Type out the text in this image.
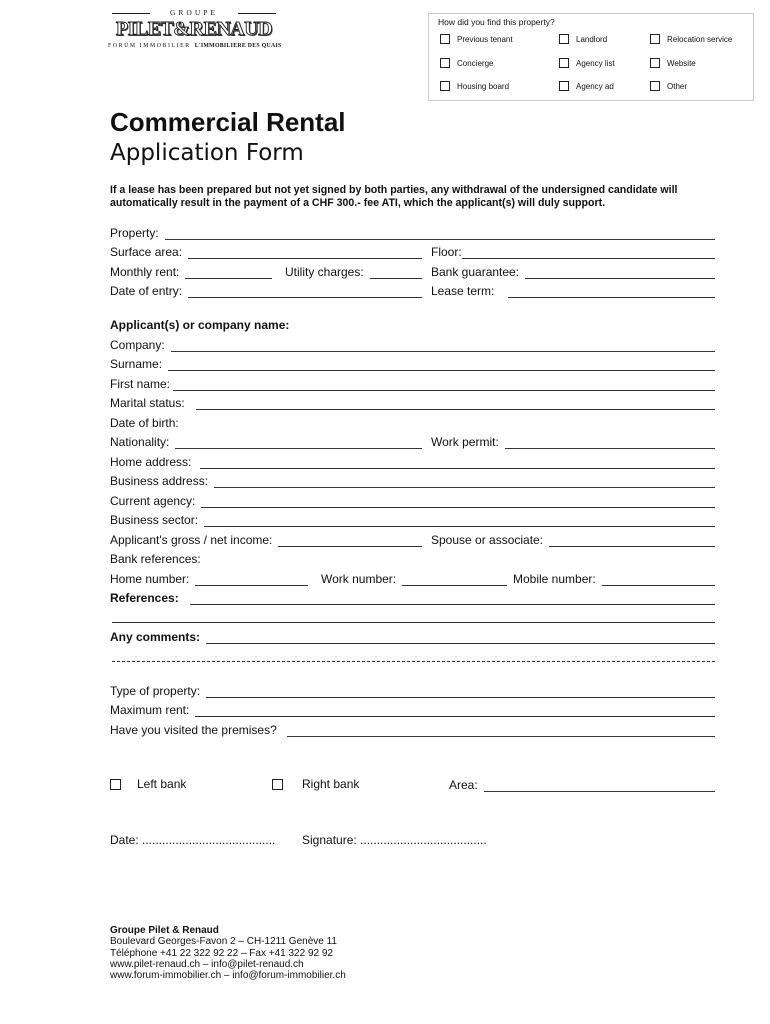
GROUPE
PILET&RENAUD
FORUM IMMOBILIER L'IMMOBILIERE DES QUAIS
How did you find this property?
Previous tenant	Landlord	Relocation service
Concierge	Agency list	Website
Housing board	Agency ad	Other
Commercial Rental
Application Form
If a lease has been prepared but not yet signed by both parties, any withdrawal of the undersigned candidate will automatically result in the payment of a CHF 300.- fee ATI, which the applicant(s) will duly support.
Property:
Surface area:	Floor:
Monthly rent:	Utility charges:	Bank guarantee:
Date of entry:	Lease term:
Applicant(s) or company name:
Company:
Surname:
First name:
Marital status:
Date of birth:
Nationality:	Work permit:
Home address:
Business address:
Current agency:
Business sector:
Applicant's gross / net income:	Spouse or associate:
Bank references:
Home number:	Work number:	Mobile number:
References:
Any comments:
Type of property:
Maximum rent:
Have you visited the premises?
Left bank	Right bank	Area:
Date: ........................................ Signature: ......................................
Groupe Pilet & Renaud
Boulevard Georges-Favon 2 – CH-1211 Genève 11
Téléphone +41 22 322 92 22 – Fax +41 322 92 92
www.pilet-renaud.ch – info@pilet-renaud.ch
www.forum-immobilier.ch – info@forum-immobilier.ch
